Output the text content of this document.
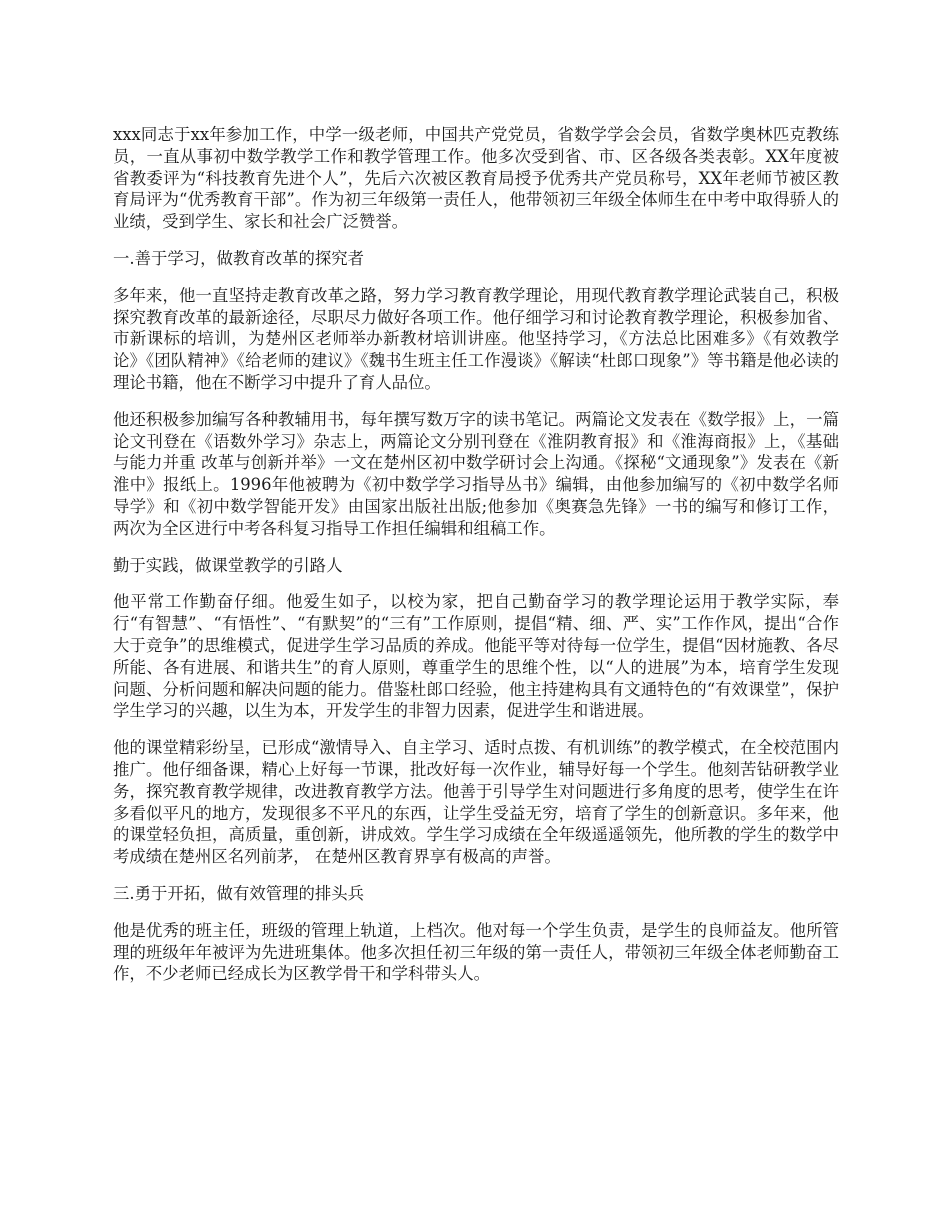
xxx同志于xx年参加工作，中学一级老师，中国共产党党员，省数学学会会员，省数学奥林匹克教练员，一直从事初中数学教学工作和教学管理工作。他多次受到省、市、区各级各类表彰。XX年度被省教委评为“科技教育先进个人”，先后六次被区教育局授予优秀共产党员称号，XX年老师节被区教育局评为“优秀教育干部”。作为初三年级第一责任人，他带领初三年级全体师生在中考中取得骄人的业绩，受到学生、家长和社会广泛赞誉。

一.善于学习，做教育改革的探究者

多年来，他一直坚持走教育改革之路，努力学习教育教学理论，用现代教育教学理论武装自己，积极探究教育改革的最新途径，尽职尽力做好各项工作。他仔细学习和讨论教育教学理论，积极参加省、市新课标的培训，为楚州区老师举办新教材培训讲座。他坚持学习，《方法总比困难多》《有效教学论》《团队精神》《给老师的建议》《魏书生班主任工作漫谈》《解读“杜郎口现象”》等书籍是他必读的理论书籍，他在不断学习中提升了育人品位。

他还积极参加编写各种教辅用书，每年撰写数万字的读书笔记。两篇论文发表在《数学报》上，一篇论文刊登在《语数外学习》杂志上，两篇论文分别刊登在《淮阴教育报》和《淮海商报》上，《基础与能力并重 改革与创新并举》一文在楚州区初中数学研讨会上沟通。《探秘“文通现象”》发表在《新淮中》报纸上。1996年他被聘为《初中数学学习指导丛书》编辑，由他参加编写的《初中数学名师导学》和《初中数学智能开发》由国家出版社出版;他参加《奥赛急先锋》一书的编写和修订工作，两次为全区进行中考各科复习指导工作担任编辑和组稿工作。

勤于实践，做课堂教学的引路人

他平常工作勤奋仔细。他爱生如子，以校为家，把自己勤奋学习的教学理论运用于教学实际，奉行“有智慧”、“有悟性”、“有默契”的“三有”工作原则，提倡“精、细、严、实”工作作风，提出“合作大于竞争”的思维模式，促进学生学习品质的养成。他能平等对待每一位学生，提倡“因材施教、各尽所能、各有进展、和谐共生”的育人原则，尊重学生的思维个性，以“人的进展”为本，培育学生发现问题、分析问题和解决问题的能力。借鉴杜郎口经验，他主持建构具有文通特色的“有效课堂”，保护学生学习的兴趣，以生为本，开发学生的非智力因素，促进学生和谐进展。

他的课堂精彩纷呈，已形成“激情导入、自主学习、适时点拨、有机训练”的教学模式，在全校范围内推广。他仔细备课，精心上好每一节课，批改好每一次作业，辅导好每一个学生。他刻苦钻研教学业务，探究教育教学规律，改进教育教学方法。他善于引导学生对问题进行多角度的思考，使学生在许多看似平凡的地方，发现很多不平凡的东西，让学生受益无穷，培育了学生的创新意识。多年来，他的课堂轻负担，高质量，重创新，讲成效。学生学习成绩在全年级遥遥领先，他所教的学生的数学中考成绩在楚州区名列前茅， 在楚州区教育界享有极高的声誉。

三.勇于开拓，做有效管理的排头兵

他是优秀的班主任，班级的管理上轨道，上档次。他对每一个学生负责，是学生的良师益友。他所管理的班级年年被评为先进班集体。他多次担任初三年级的第一责任人，带领初三年级全体老师勤奋工作，不少老师已经成长为区教学骨干和学科带头人。
